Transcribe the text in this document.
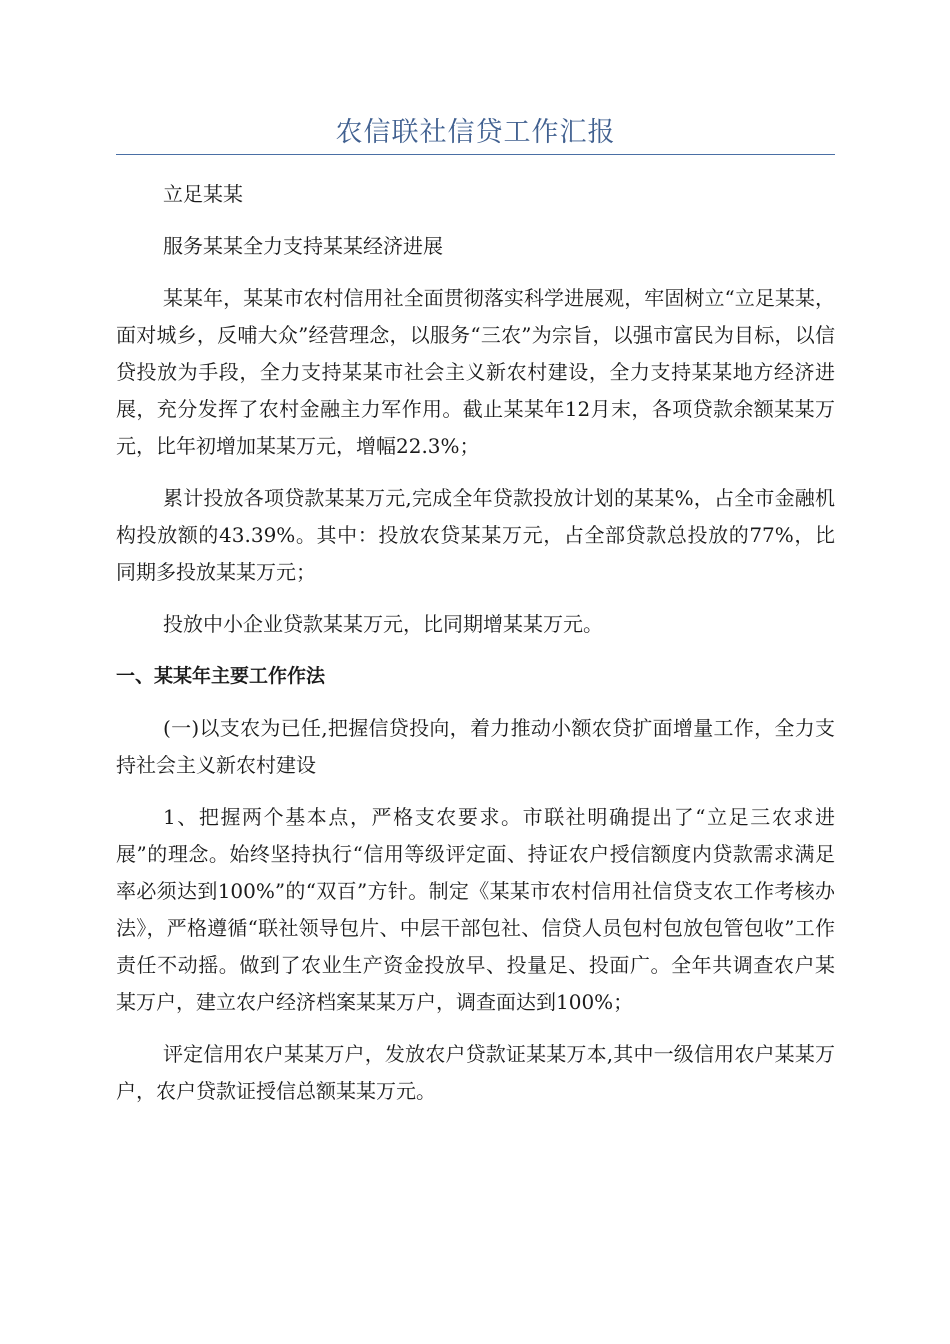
农信联社信贷工作汇报

立足某某

服务某某全力支持某某经济进展

某某年，某某市农村信用社全面贯彻落实科学进展观，牢固树立“立足某某，面对城乡，反哺大众”经营理念，以服务“三农”为宗旨，以强市富民为目标，以信贷投放为手段，全力支持某某市社会主义新农村建设，全力支持某某地方经济进展，充分发挥了农村金融主力军作用。截止某某年12月末，各项贷款余额某某万元，比年初增加某某万元，增幅22.3%；

累计投放各项贷款某某万元,完成全年贷款投放计划的某某%，占全市金融机构投放额的43.39%。其中：投放农贷某某万元，占全部贷款总投放的77%，比同期多投放某某万元；

投放中小企业贷款某某万元，比同期增某某万元。

一、某某年主要工作作法

(一)以支农为已任,把握信贷投向，着力推动小额农贷扩面增量工作，全力支持社会主义新农村建设

1、把握两个基本点，严格支农要求。市联社明确提出了“立足三农求进展”的理念。始终坚持执行“信用等级评定面、持证农户授信额度内贷款需求满足率必须达到100%”的“双百”方针。制定《某某市农村信用社信贷支农工作考核办法》，严格遵循“联社领导包片、中层干部包社、信贷人员包村包放包管包收”工作责任不动摇。做到了农业生产资金投放早、投量足、投面广。全年共调查农户某某万户，建立农户经济档案某某万户，调查面达到100%；

评定信用农户某某万户，发放农户贷款证某某万本,其中一级信用农户某某万户，农户贷款证授信总额某某万元。
